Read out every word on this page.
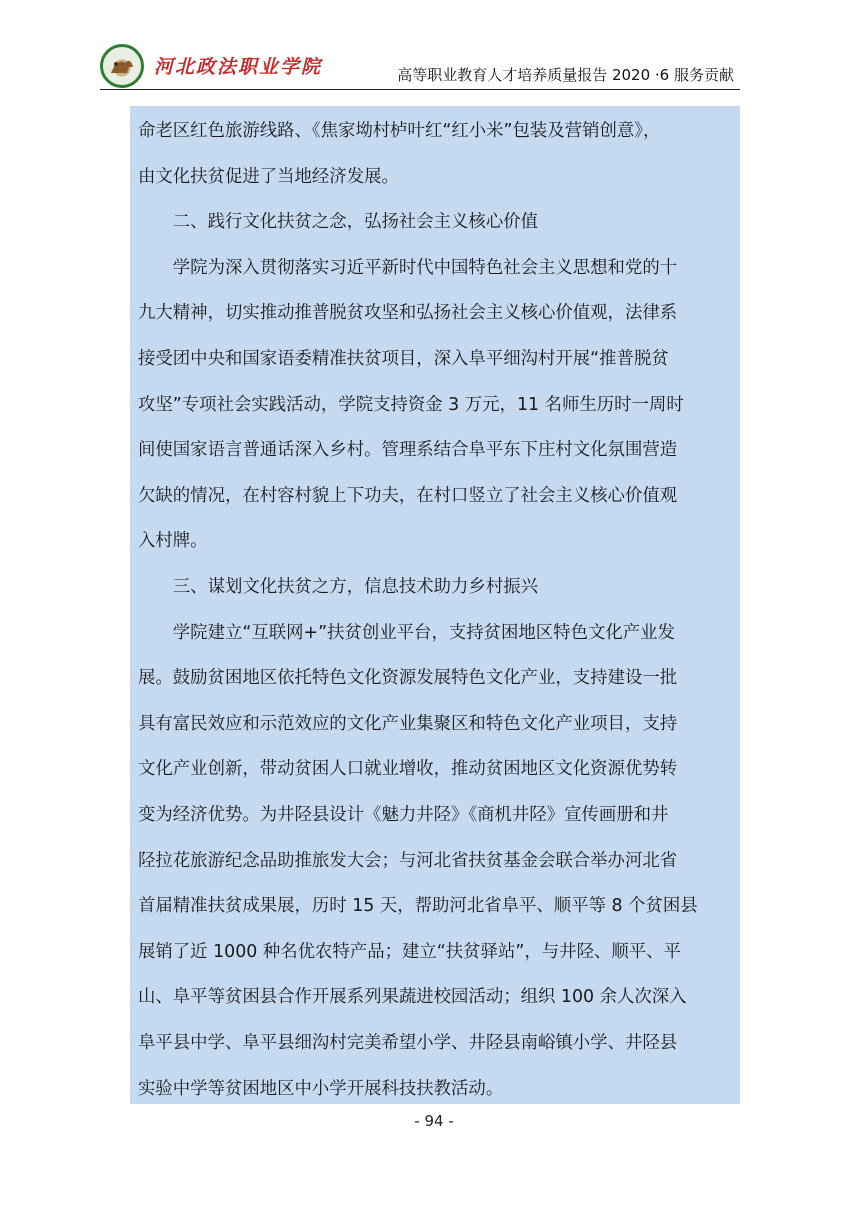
河北政法职业学院	高等职业教育人才培养质量报告 2020 ·6 服务贡献
命老区红色旅游线路、《焦家坳村栌叶红“红小米”包装及营销创意》，
由文化扶贫促进了当地经济发展。
　　二、践行文化扶贫之念，弘扬社会主义核心价值
　　学院为深入贯彻落实习近平新时代中国特色社会主义思想和党的十
九大精神，切实推动推普脱贫攻坚和弘扬社会主义核心价值观，法律系
接受团中央和国家语委精准扶贫项目，深入阜平细沟村开展“推普脱贫
攻坚”专项社会实践活动，学院支持资金 3 万元，11 名师生历时一周时
间使国家语言普通话深入乡村。管理系结合阜平东下庄村文化氛围营造
欠缺的情况，在村容村貌上下功夫，在村口竖立了社会主义核心价值观
入村牌。
　　三、谋划文化扶贫之方，信息技术助力乡村振兴
　　学院建立“互联网+”扶贫创业平台，支持贫困地区特色文化产业发
展。鼓励贫困地区依托特色文化资源发展特色文化产业，支持建设一批
具有富民效应和示范效应的文化产业集聚区和特色文化产业项目，支持
文化产业创新，带动贫困人口就业增收，推动贫困地区文化资源优势转
变为经济优势。为井陉县设计《魅力井陉》《商机井陉》宣传画册和井
陉拉花旅游纪念品助推旅发大会；与河北省扶贫基金会联合举办河北省
首届精准扶贫成果展，历时 15 天，帮助河北省阜平、顺平等 8 个贫困县
展销了近 1000 种名优农特产品；建立“扶贫驿站”，与井陉、顺平、平
山、阜平等贫困县合作开展系列果蔬进校园活动；组织 100 余人次深入
阜平县中学、阜平县细沟村完美希望小学、井陉县南峪镇小学、井陉县
实验中学等贫困地区中小学开展科技扶教活动。
- 94 -
